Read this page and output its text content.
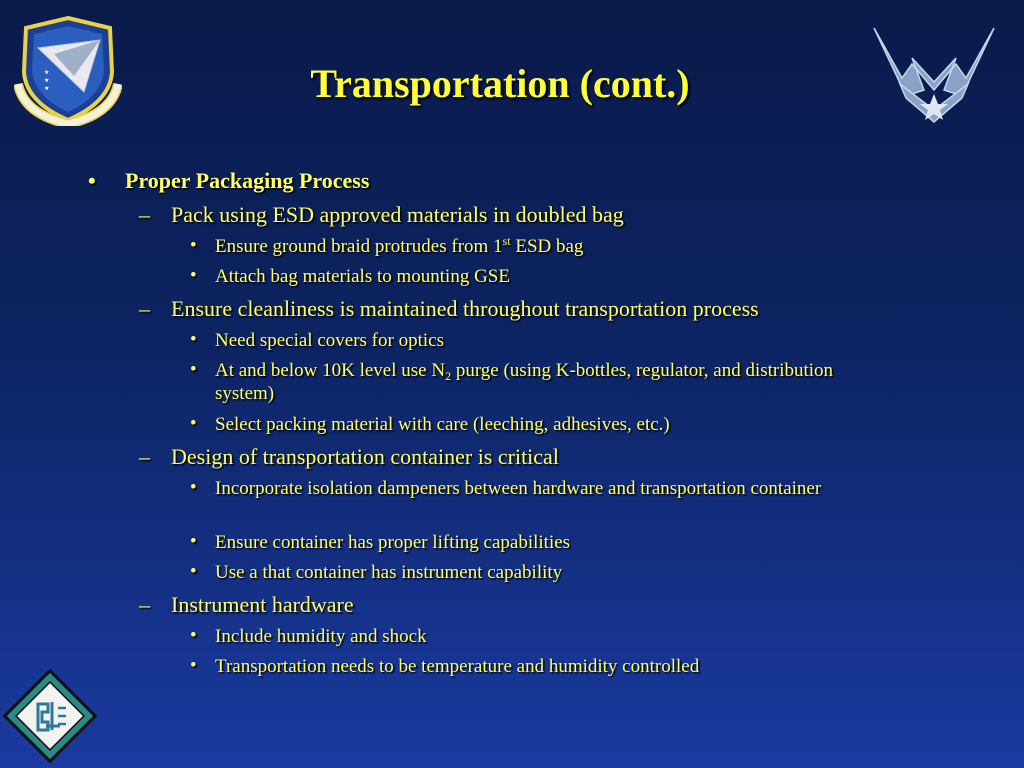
★
★
★	Transportation (cont.)
• Proper Packaging Process
– Pack using ESD approved materials in doubled bag
• Ensure ground braid protrudes from 1st ESD bag
• Attach bag materials to mounting GSE
– Ensure cleanliness is maintained throughout transportation process
• Need special covers for optics
• At and below 10K level use $N_2$ purge (using K-bottles, regulator, and distribution system)
• Select packing material with care (leeching, adhesives, etc.)
– Design of transportation container is critical
• Incorporate isolation dampeners between hardware and transportation container
• Ensure container has proper lifting capabilities
• Use a that container has instrument capability
– Instrument hardware
• Include humidity and shock
• Transportation needs to be temperature and humidity controlled
